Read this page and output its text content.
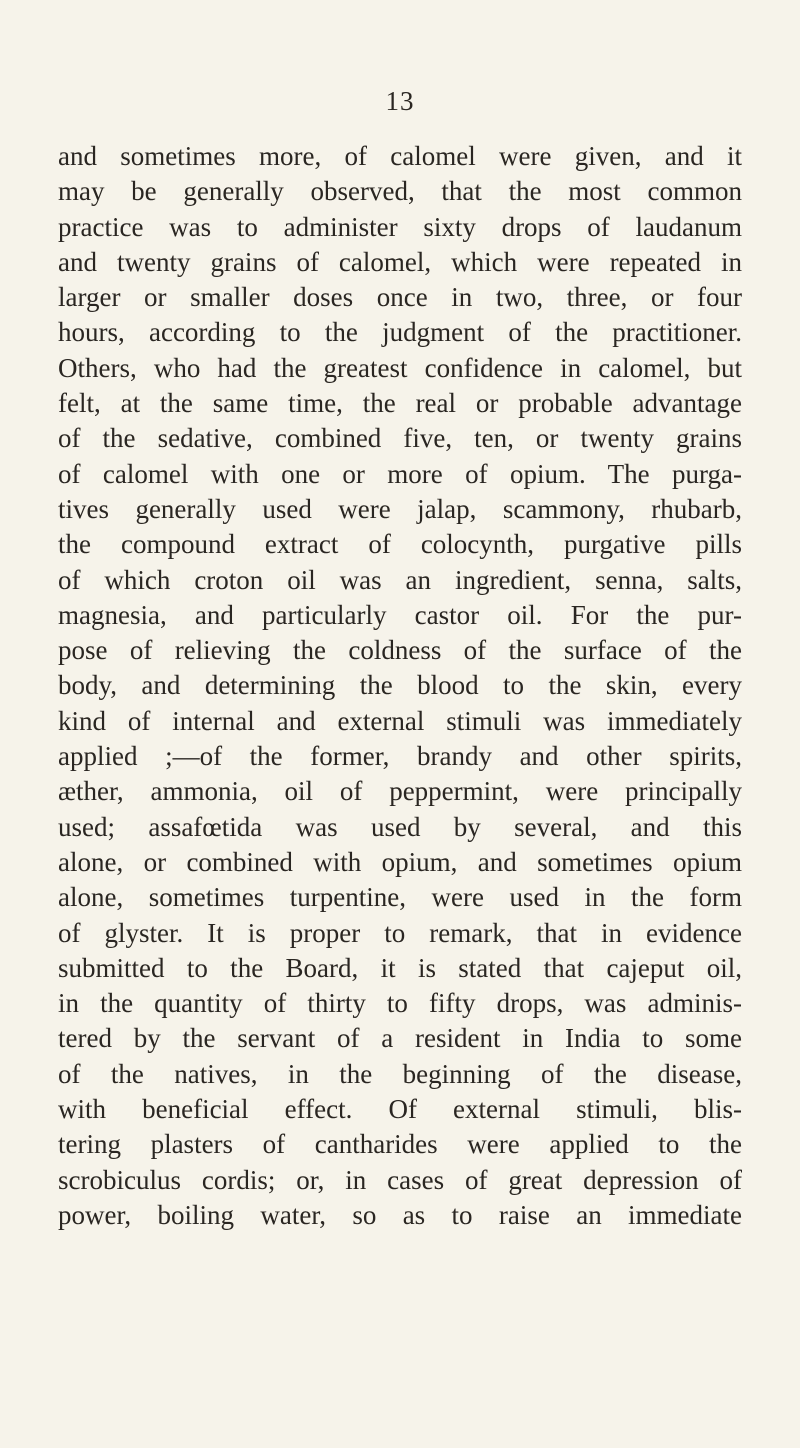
13
and sometimes more, of calomel were given, and it
may be generally observed, that the most common
practice was to administer sixty drops of laudanum
and twenty grains of calomel, which were repeated in
larger or smaller doses once in two, three, or four
hours, according to the judgment of the practitioner.
Others, who had the greatest confidence in calomel, but
felt, at the same time, the real or probable advantage
of the sedative, combined five, ten, or twenty grains
of calomel with one or more of opium. The purga-
tives generally used were jalap, scammony, rhubarb,
the compound extract of colocynth, purgative pills
of which croton oil was an ingredient, senna, salts,
magnesia, and particularly castor oil. For the pur-
pose of relieving the coldness of the surface of the
body, and determining the blood to the skin, every
kind of internal and external stimuli was immediately
applied ;—of the former, brandy and other spirits,
æther, ammonia, oil of peppermint, were principally
used; assafœtida was used by several, and this
alone, or combined with opium, and sometimes opium
alone, sometimes turpentine, were used in the form
of glyster. It is proper to remark, that in evidence
submitted to the Board, it is stated that cajeput oil,
in the quantity of thirty to fifty drops, was adminis-
tered by the servant of a resident in India to some
of the natives, in the beginning of the disease,
with beneficial effect. Of external stimuli, blis-
tering plasters of cantharides were applied to the
scrobiculus cordis; or, in cases of great depression of
power, boiling water, so as to raise an immediate
